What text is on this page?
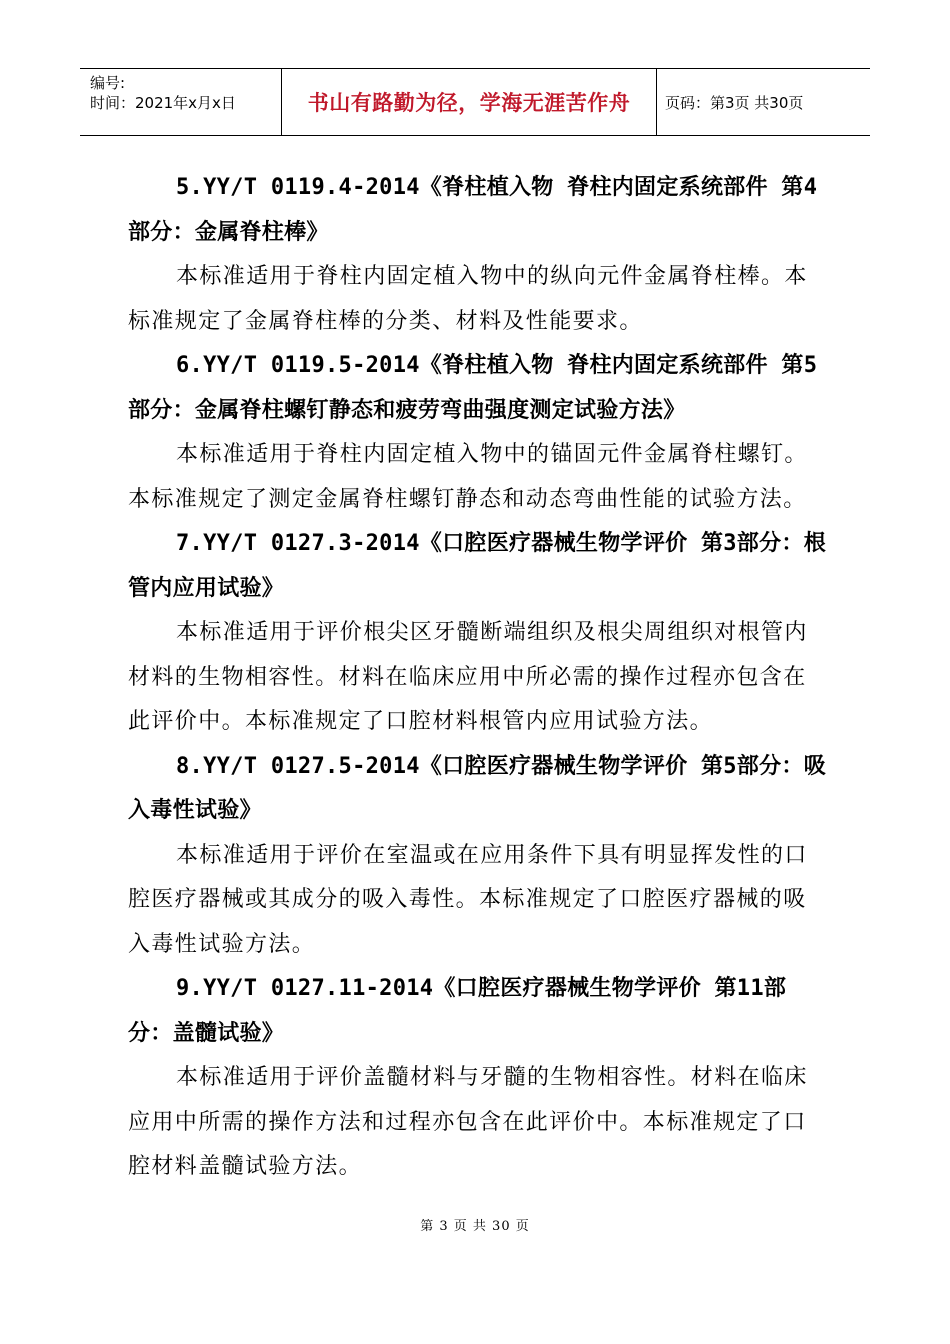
编号:
时间：2021年x月x日	书山有路勤为径，学海无涯苦作舟	页码：第3页 共30页

5.YY/T 0119.4-2014《脊柱植入物 脊柱内固定系统部件 第4部分：金属脊柱棒》

本标准适用于脊柱内固定植入物中的纵向元件金属脊柱棒。本标准规定了金属脊柱棒的分类、材料及性能要求。

6.YY/T 0119.5-2014《脊柱植入物 脊柱内固定系统部件 第5部分：金属脊柱螺钉静态和疲劳弯曲强度测定试验方法》

本标准适用于脊柱内固定植入物中的锚固元件金属脊柱螺钉。本标准规定了测定金属脊柱螺钉静态和动态弯曲性能的试验方法。

7.YY/T 0127.3-2014《口腔医疗器械生物学评价 第3部分：根管内应用试验》

本标准适用于评价根尖区牙髓断端组织及根尖周组织对根管内材料的生物相容性。材料在临床应用中所必需的操作过程亦包含在此评价中。本标准规定了口腔材料根管内应用试验方法。

8.YY/T 0127.5-2014《口腔医疗器械生物学评价 第5部分：吸入毒性试验》

本标准适用于评价在室温或在应用条件下具有明显挥发性的口腔医疗器械或其成分的吸入毒性。本标准规定了口腔医疗器械的吸入毒性试验方法。

9.YY/T 0127.11-2014《口腔医疗器械生物学评价 第11部分：盖髓试验》

本标准适用于评价盖髓材料与牙髓的生物相容性。材料在临床应用中所需的操作方法和过程亦包含在此评价中。本标准规定了口腔材料盖髓试验方法。

第 3 页 共 30 页
